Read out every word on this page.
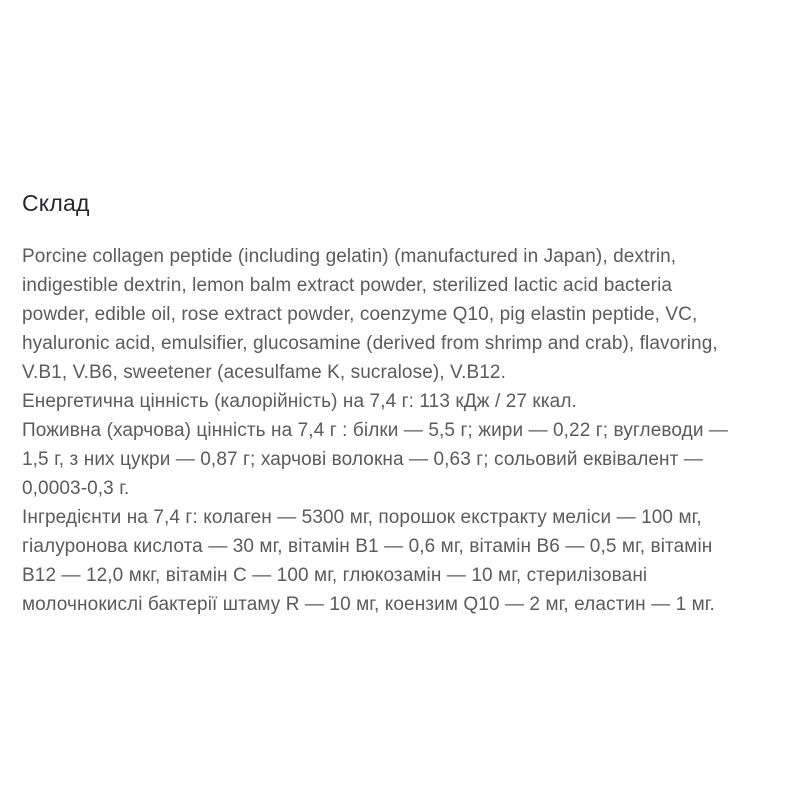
Склад
Porcine collagen peptide (including gelatin) (manufactured in Japan), dextrin,
indigestible dextrin, lemon balm extract powder, sterilized lactic acid bacteria
powder, edible oil, rose extract powder, coenzyme Q10, pig elastin peptide, VC,
hyaluronic acid, emulsifier, glucosamine (derived from shrimp and crab), flavoring,
V.B1, V.B6, sweetener (acesulfame K, sucralose), V.B12.
Енергетична цінність (калорійність) на 7,4 г: 113 кДж / 27 ккал.
Поживна (харчова) цінність на 7,4 г : білки — 5,5 г; жири — 0,22 г; вуглеводи —
1,5 г, з них цукри — 0,87 г; харчові волокна — 0,63 г; сольовий еквівалент —
0,0003-0,3 г.
Інгредієнти на 7,4 г: колаген — 5300 мг, порошок екстракту меліси — 100 мг,
гіалуронова кислота — 30 мг, вітамін B1 — 0,6 мг, вітамін B6 — 0,5 мг, вітамін
B12 — 12,0 мкг, вітамін C — 100 мг, глюкозамін — 10 мг, стерилізовані
молочнокислі бактерії штаму R — 10 мг, коензим Q10 — 2 мг, еластин — 1 мг.
